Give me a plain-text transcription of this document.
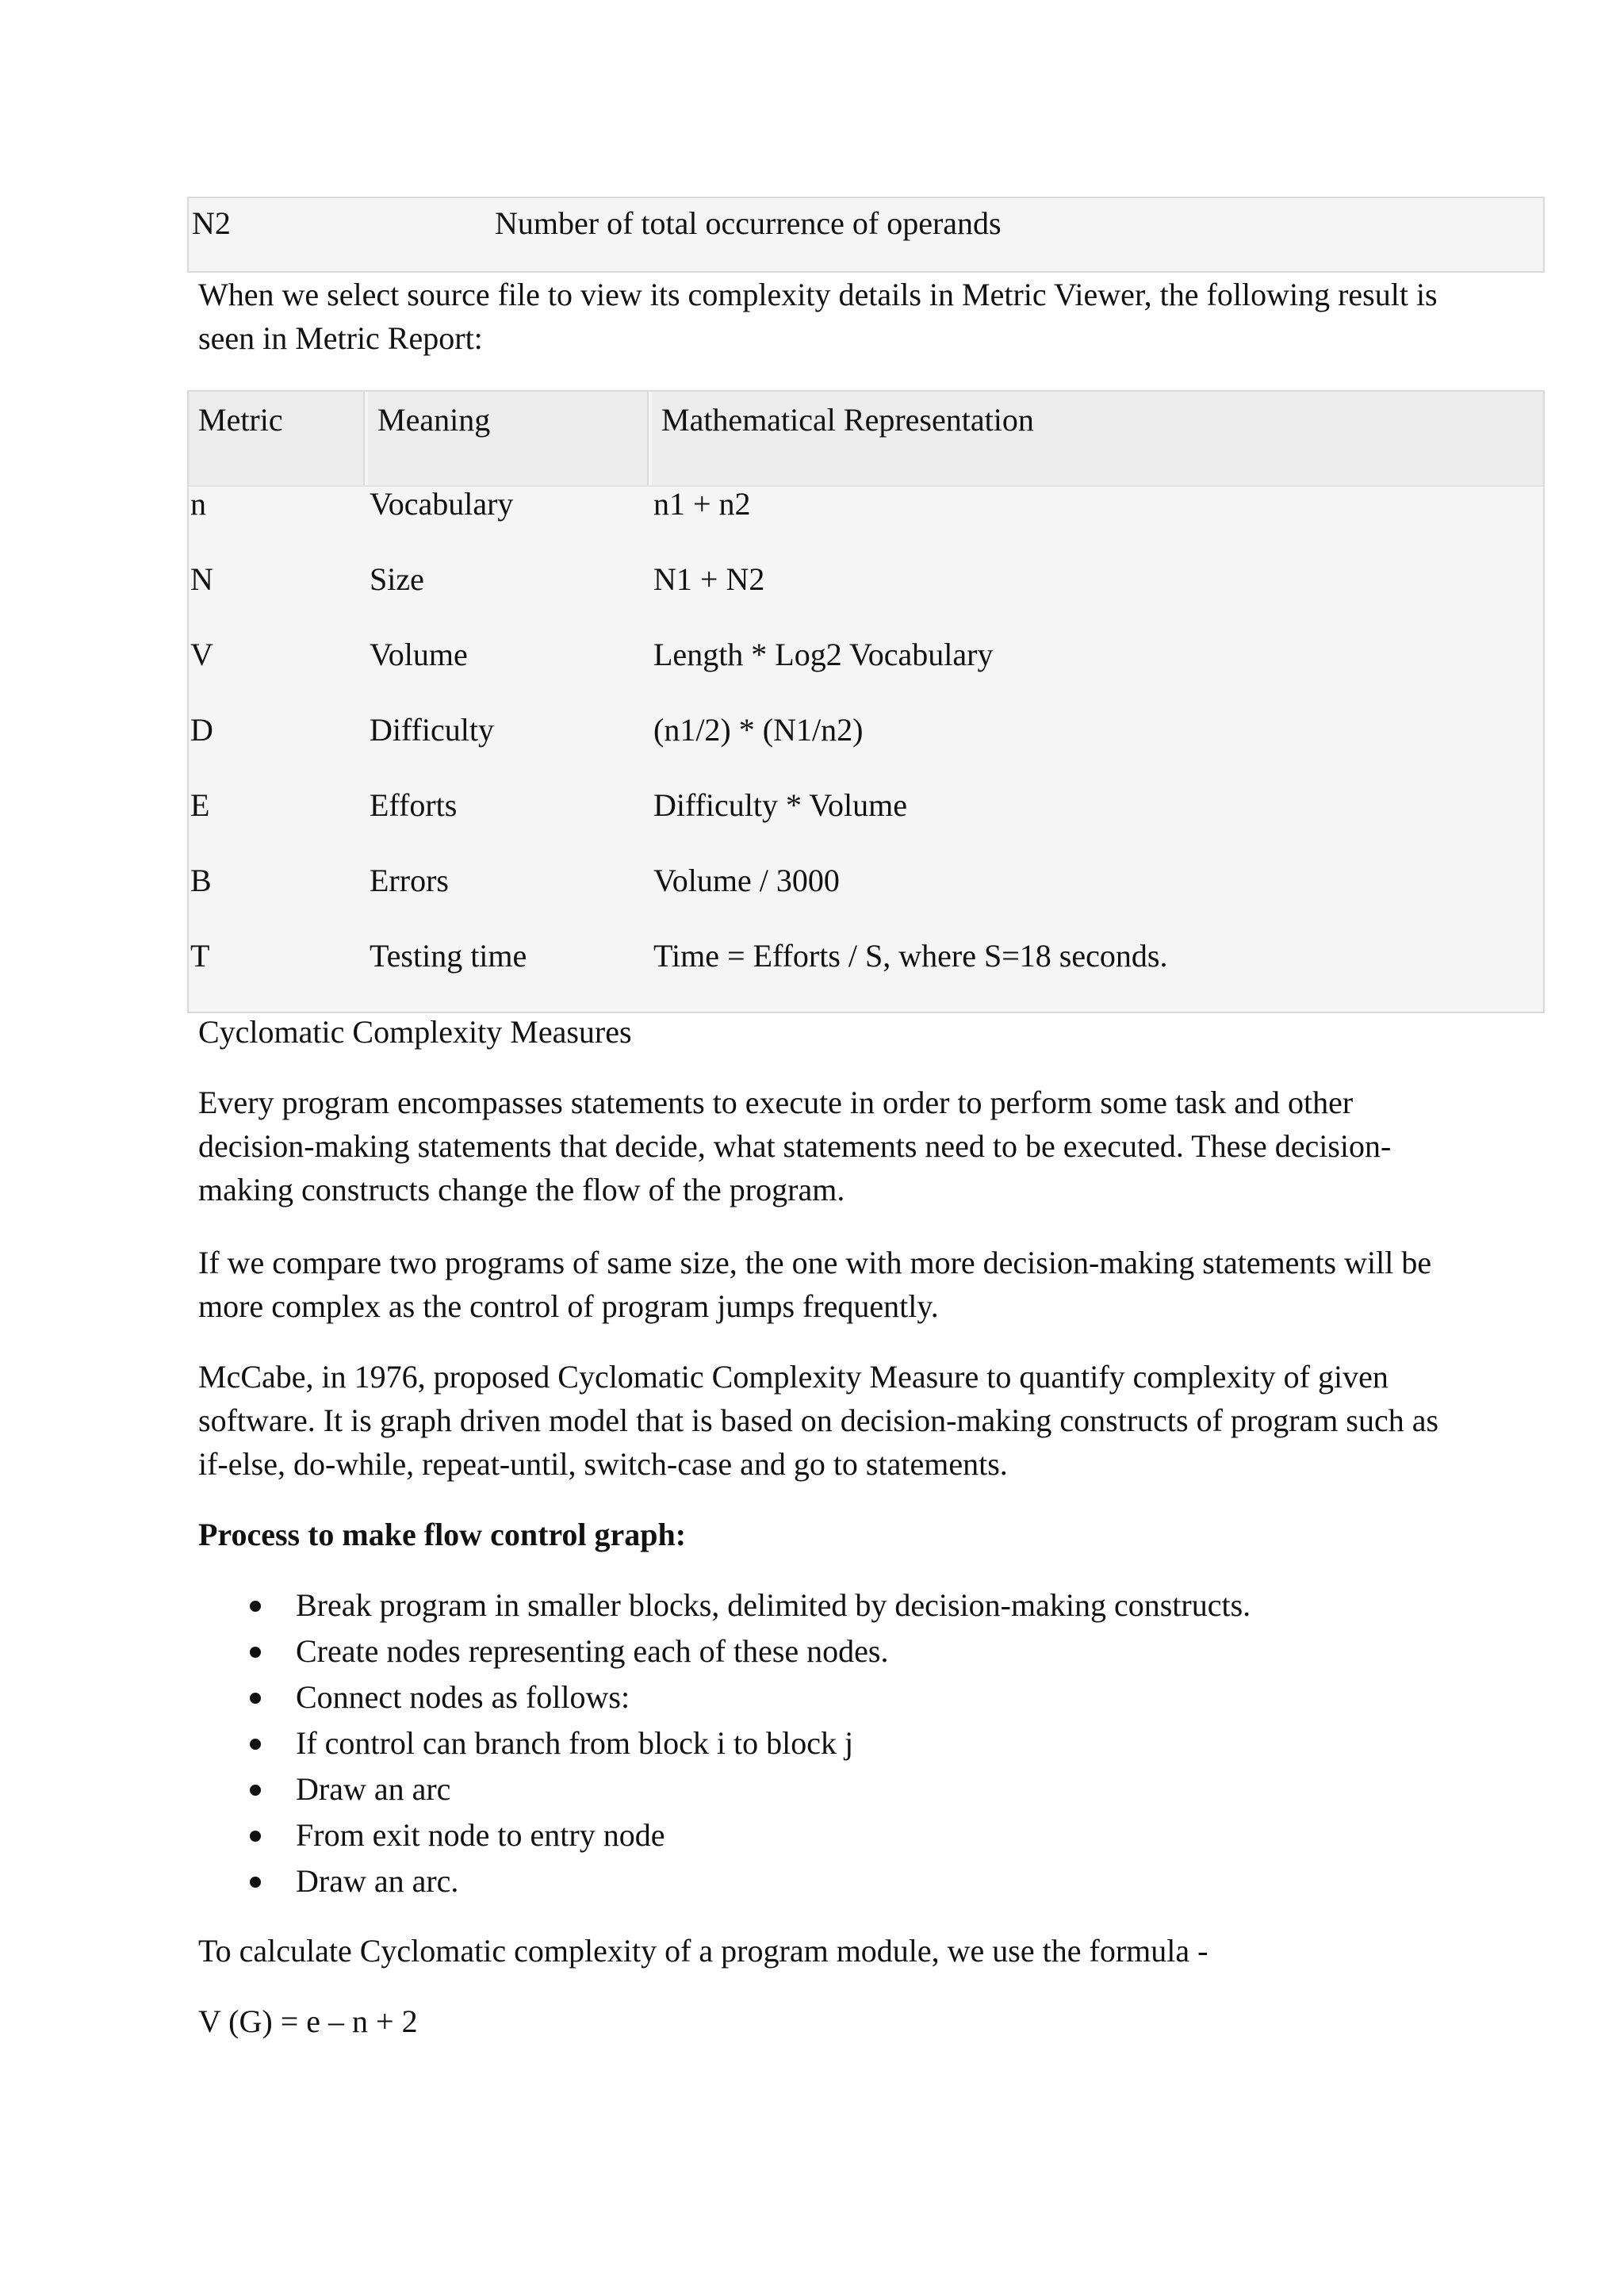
N2	Number of total occurrence of operands
When we select source file to view its complexity details in Metric Viewer, the following result is seen in Metric Report:
Metric	Meaning	Mathematical Representation
n	Vocabulary	n1 + n2
N	Size	N1 + N2
V	Volume	Length * Log2 Vocabulary
D	Difficulty	(n1/2) * (N1/n2)
E	Efforts	Difficulty * Volume
B	Errors	Volume / 3000
T	Testing time	Time = Efforts / S, where S=18 seconds.
Cyclomatic Complexity Measures
Every program encompasses statements to execute in order to perform some task and other decision-making statements that decide, what statements need to be executed. These decision-making constructs change the flow of the program.
If we compare two programs of same size, the one with more decision-making statements will be more complex as the control of program jumps frequently.
McCabe, in 1976, proposed Cyclomatic Complexity Measure to quantify complexity of given software. It is graph driven model that is based on decision-making constructs of program such as if-else, do-while, repeat-until, switch-case and go to statements.
Process to make flow control graph:
Break program in smaller blocks, delimited by decision-making constructs.
Create nodes representing each of these nodes.
Connect nodes as follows:
If control can branch from block i to block j
Draw an arc
From exit node to entry node
Draw an arc.
To calculate Cyclomatic complexity of a program module, we use the formula -
V (G) = e – n + 2
